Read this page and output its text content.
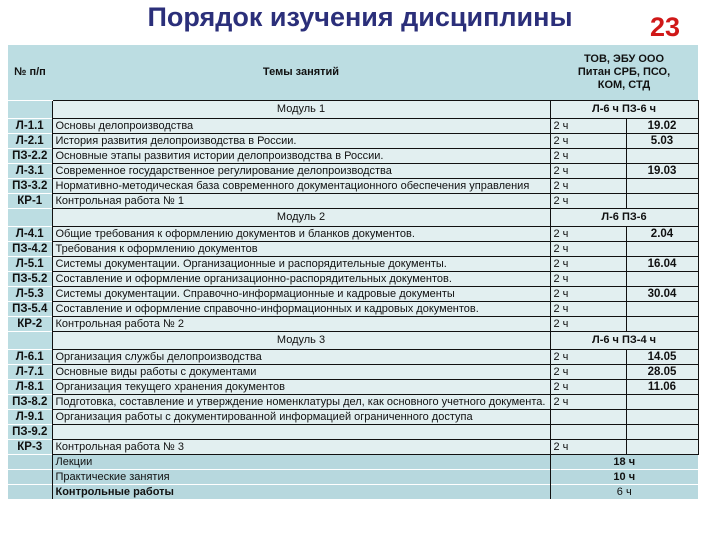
Порядок изучения дисциплины	23
№ п/п	Темы занятий	ТОВ, ЭБУ ООО Питан СРБ, ПСО, КОМ, СТД	
	Модуль 1	Л-6 ч ПЗ-6 ч	
Л-1.1	Основы делопроизводства	2 ч	19.02
Л-2.1	История развития делопроизводства в России.	2 ч	5.03
ПЗ-2.2	Основные этапы развития истории делопроизводства в России.	2 ч	
Л-3.1	Современное государственное регулирование делопроизводства	2 ч	19.03
ПЗ-3.2	Нормативно-методическая база современного документационного обеспечения управления	2 ч	
КР-1	Контрольная работа № 1	2 ч	
	Модуль 2	Л-6 ПЗ-6	
Л-4.1	Общие требования к оформлению документов и бланков документов.	2 ч	2.04
ПЗ-4.2	Требования к оформлению документов	2 ч	
Л-5.1	Системы документации. Организационные и распорядительные документы.	2 ч	16.04
ПЗ-5.2	Составление и оформление организационно-распорядительных документов.	2 ч	
Л-5.3	Системы документации. Справочно-информационные и кадровые документы	2 ч	30.04
ПЗ-5.4	Составление и оформление справочно-информационных и кадровых документов.	2 ч	
КР-2	Контрольная работа № 2	2 ч	
	Модуль 3	Л-6 ч ПЗ-4 ч	
Л-6.1	Организация службы делопроизводства	2 ч	14.05
Л-7.1	Основные виды работы с документами	2 ч	28.05
Л-8.1	Организация текущего хранения документов	2 ч	11.06
ПЗ-8.2	Подготовка, составление и утверждение номенклатуры дел, как основного учетного документа.	2 ч	
Л-9.1	Организация работы с документированной информацией ограниченного доступа		
ПЗ-9.2			
КР-3	Контрольная работа № 3	2 ч	
	Лекции	18 ч	
	Практические занятия	10 ч	
	Контрольные работы	6 ч	
